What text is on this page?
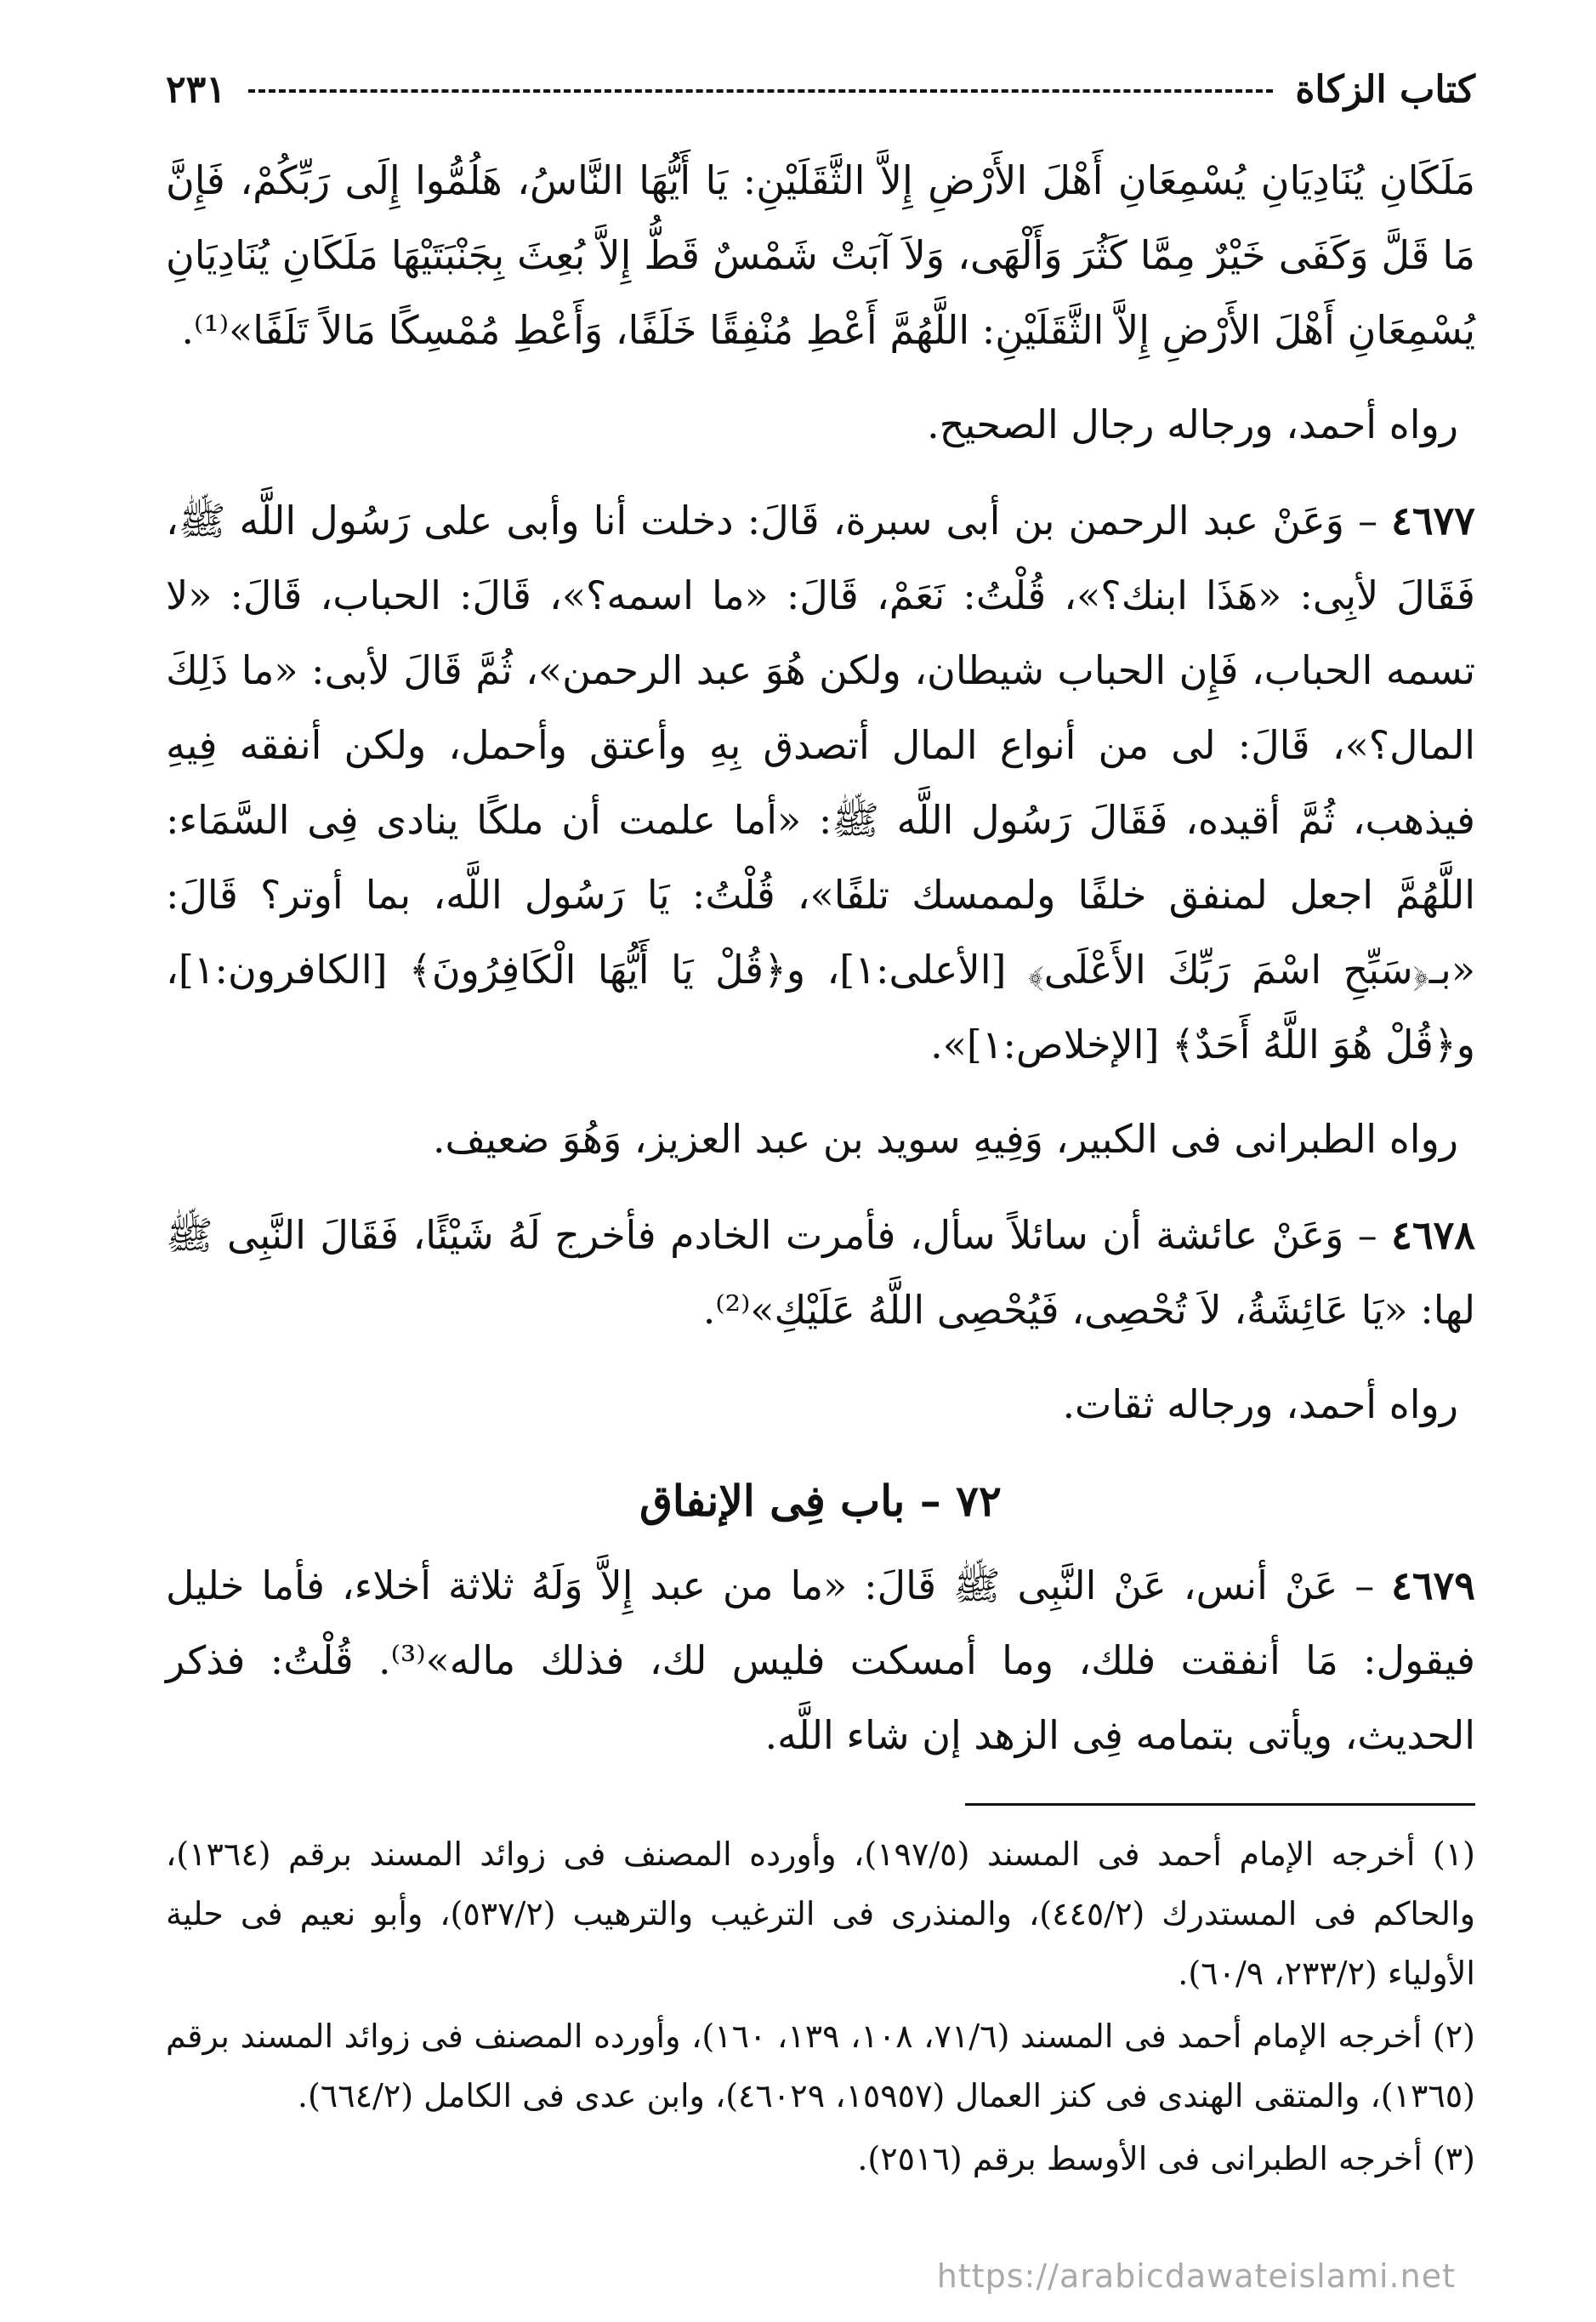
كتاب الزكاة
٢٣١

مَلَكَانِ يُنَادِيَانِ يُسْمِعَانِ أَهْلَ الأَرْضِ إِلاَّ الثَّقَلَيْنِ: يَا أَيُّهَا النَّاسُ، هَلُمُّوا إِلَى رَبِّكُمْ، فَإِنَّ مَا قَلَّ وَكَفَى خَيْرٌ مِمَّا كَثُرَ وَأَلْهَى، وَلاَ آبَتْ شَمْسٌ قَطُّ إِلاَّ بُعِثَ بِجَنْبَتَيْهَا مَلَكَانِ يُنَادِيَانِ يُسْمِعَانِ أَهْلَ الأَرْضِ إِلاَّ الثَّقَلَيْنِ: اللَّهُمَّ أَعْطِ مُنْفِقًا خَلَفًا، وَأَعْطِ مُمْسِكًا مَالاً تَلَفًا»⁽¹⁾.

رواه أحمد، ورجاله رجال الصحيح.

٤٦٧٧ – وَعَنْ عبد الرحمن بن أبى سبرة، قَالَ: دخلت أنا وأبى على رَسُول اللَّه ﷺ، فَقَالَ لأبِى: «هَذَا ابنك؟»، قُلْتُ: نَعَمْ، قَالَ: «ما اسمه؟»، قَالَ: الحباب، قَالَ: «لا تسمه الحباب، فَإِن الحباب شيطان، ولكن هُوَ عبد الرحمن»، ثُمَّ قَالَ لأبى: «ما ذَلِكَ المال؟»، قَالَ: لى من أنواع المال أتصدق بِهِ وأعتق وأحمل، ولكن أنفقه فِيهِ فيذهب، ثُمَّ أقيده، فَقَالَ رَسُول اللَّه ﷺ: «أما علمت أن ملكًا ينادى فِى السَّمَاء: اللَّهُمَّ اجعل لمنفق خلفًا ولممسك تلفًا»، قُلْتُ: يَا رَسُول اللَّه، بما أوتر؟ قَالَ: «بـ﴿سَبِّحِ اسْمَ رَبِّكَ الأَعْلَى﴾ [الأعلى:١]، و﴿قُلْ يَا أَيُّهَا الْكَافِرُونَ﴾ [الكافرون:١]، و﴿قُلْ هُوَ اللَّهُ أَحَدٌ﴾ [الإخلاص:١]».

رواه الطبرانى فى الكبير، وَفِيهِ سويد بن عبد العزيز، وَهُوَ ضعيف.

٤٦٧٨ – وَعَنْ عائشة أن سائلاً سأل، فأمرت الخادم فأخرج لَهُ شَيْئًا، فَقَالَ النَّبِى ﷺ لها: «يَا عَائِشَةُ، لاَ تُحْصِى، فَيُحْصِى اللَّهُ عَلَيْكِ»⁽²⁾.

رواه أحمد، ورجاله ثقات.

٧٢ – باب فِى الإنفاق

٤٦٧٩ – عَنْ أنس، عَنْ النَّبِى ﷺ قَالَ: «ما من عبد إِلاَّ وَلَهُ ثلاثة أخلاء، فأما خليل فيقول: مَا أنفقت فلك، وما أمسكت فليس لك، فذلك ماله»⁽³⁾. قُلْتُ: فذكر الحديث، ويأتى بتمامه فِى الزهد إن شاء اللَّه.

(١) أخرجه الإمام أحمد فى المسند (١٩٧/٥)، وأورده المصنف فى زوائد المسند برقم (١٣٦٤)، والحاكم فى المستدرك (٤٤٥/٢)، والمنذرى فى الترغيب والترهيب (٥٣٧/٢)، وأبو نعيم فى حلية الأولياء (٢٣٣/٢، ٦٠/٩).

(٢) أخرجه الإمام أحمد فى المسند (٧١/٦، ١٠٨، ١٣٩، ١٦٠)، وأورده المصنف فى زوائد المسند برقم (١٣٦٥)، والمتقى الهندى فى كنز العمال (١٥٩٥٧، ٤٦٠٢٩)، وابن عدى فى الكامل (٦٦٤/٢).

(٣) أخرجه الطبرانى فى الأوسط برقم (٢٥١٦).

https://arabicdawateislami.net
